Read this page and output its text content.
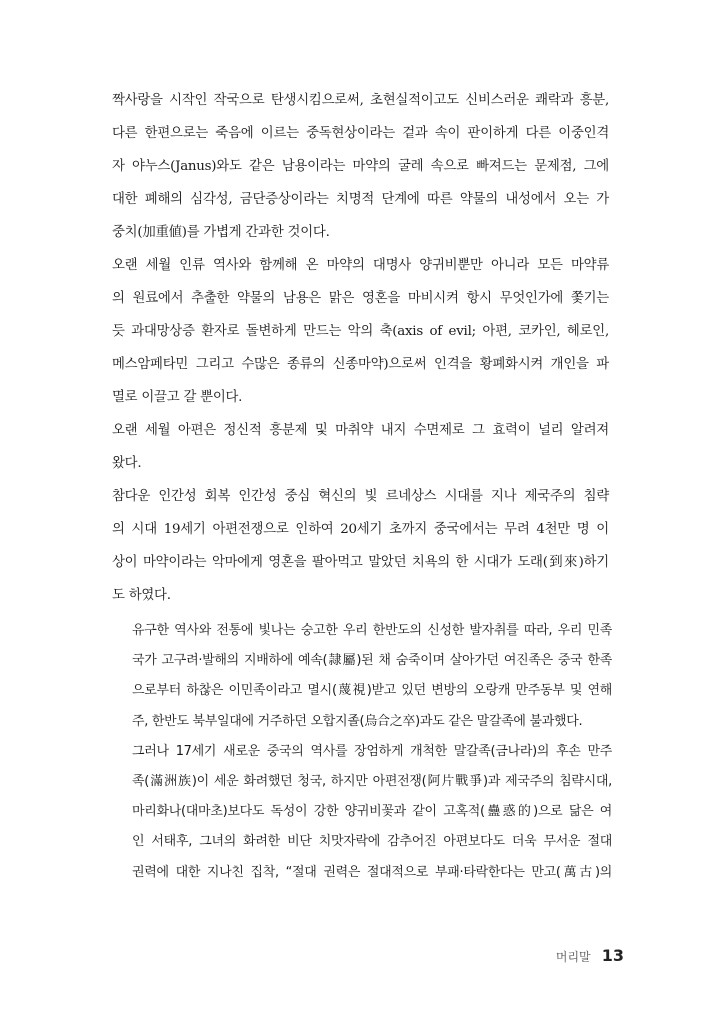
짝사랑을 시작인 작국으로 탄생시킴으로써, 초현실적이고도 신비스러운 쾌락과 흥분,
다른 한편으로는 죽음에 이르는 중독현상이라는 겉과 속이 판이하게 다른 이중인격
자 야누스(Janus)와도 같은 남용이라는 마약의 굴레 속으로 빠져드는 문제점, 그에
대한 폐해의 심각성, 금단증상이라는 치명적 단계에 따른 약물의 내성에서 오는 가
중치(加重値)를 가볍게 간과한 것이다.
오랜 세월 인류 역사와 함께해 온 마약의 대명사 양귀비뿐만 아니라 모든 마약류
의 원료에서 추출한 약물의 남용은 맑은 영혼을 마비시켜 항시 무엇인가에 쫓기는
듯 과대망상증 환자로 돌변하게 만드는 악의 축(axis of evil; 아편, 코카인, 헤로인,
메스암페타민 그리고 수많은 종류의 신종마약)으로써 인격을 황폐화시켜 개인을 파
멸로 이끌고 갈 뿐이다.
오랜 세월 아편은 정신적 흥분제 및 마취약 내지 수면제로 그 효력이 널리 알려져
왔다.
참다운 인간성 회복 인간성 중심 혁신의 빛 르네상스 시대를 지나 제국주의 침략
의 시대 19세기 아편전쟁으로 인하여 20세기 초까지 중국에서는 무려 4천만 명 이
상이 마약이라는 악마에게 영혼을 팔아먹고 말았던 치욕의 한 시대가 도래(到來)하기
도 하였다.
유구한 역사와 전통에 빛나는 숭고한 우리 한반도의 신성한 발자취를 따라, 우리 민족
국가 고구려·발해의 지배하에 예속(隷屬)된 채 숨죽이며 살아가던 여진족은 중국 한족
으로부터 하찮은 이민족이라고 멸시(蔑視)받고 있던 변방의 오랑캐 만주동부 및 연해
주, 한반도 북부일대에 거주하던 오합지졸(烏合之卒)과도 같은 말갈족에 불과했다.
그러나 17세기 새로운 중국의 역사를 장엄하게 개척한 말갈족(금나라)의 후손 만주
족(滿洲族)이 세운 화려했던 청국, 하지만 아편전쟁(阿片戰爭)과 제국주의 침략시대,
마리화나(대마초)보다도 독성이 강한 양귀비꽃과 같이 고혹적(蠱惑的)으로 닮은 여
인 서태후, 그녀의 화려한 비단 치맛자락에 감추어진 아편보다도 더욱 무서운 절대
권력에 대한 지나친 집착, “절대 권력은 절대적으로 부패·타락한다는 만고(萬古)의
머리말 13
